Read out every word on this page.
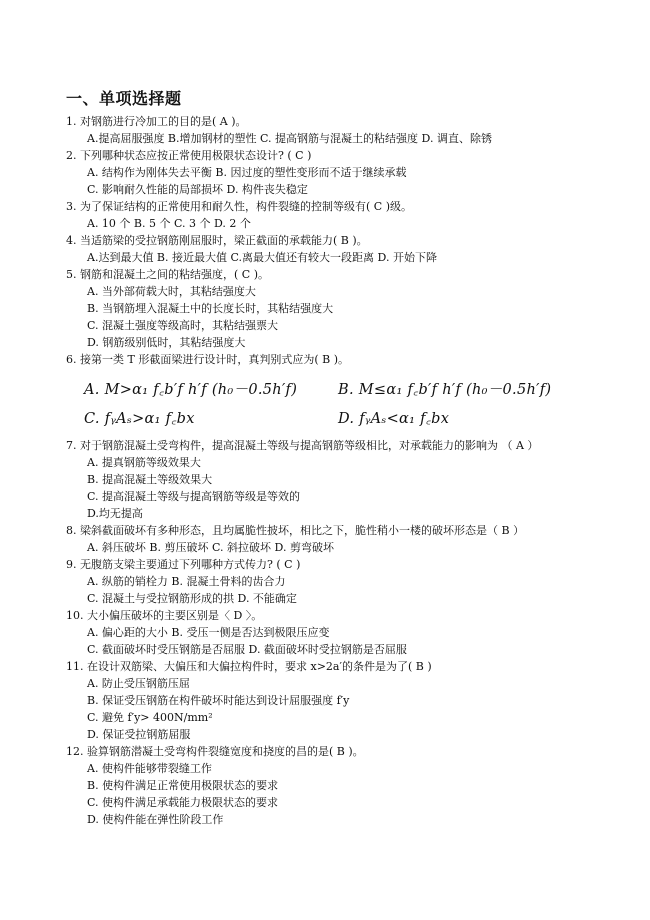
一、单项选择题
1. 对钢筋进行冷加工的目的是( A )。
A.提高屈服强度 B.增加钢材的塑性 C. 提高钢筋与混凝土的粘结强度 D. 调直、除锈
2. 下列哪种状态应按正常使用极限状态设计? ( C )
A. 结构作为刚体失去平衡 B. 因过度的塑性变形而不适于继续承载
C. 影响耐久性能的局部损坏 D. 构件丧失稳定
3. 为了保证结构的正常使用和耐久性，构件裂缝的控制等级有( C )级。
A. 10 个 B. 5 个 C. 3 个 D. 2 个
4. 当适筋梁的受拉钢筋刚屈服时，梁正截面的承载能力( B )。
A.达到最大值 B. 接近最大值 C.离最大值还有较大一段距离 D. 开始下降
5. 钢筋和混凝土之间的粘结强度，( C )。
A. 当外部荷载大时，其粘结强度大
B. 当钢筋埋入混凝土中的长度长时，其粘结强度大
C. 混凝土强度等级高时，其粘结强票大
D. 钢筋级别低时，其粘结强度大
6. 接第一类 T 形截面梁进行设计时，真判别式应为( B )。
A. M>α₁ f꜀b′f h′f (h₀－0.5h′f)	B. M≤α₁ f꜀b′f h′f (h₀－0.5h′f)
C. fᵧAₛ>α₁ f꜀bx	D. fᵧAₛ<α₁ f꜀bx
7. 对于钢筋混凝土受弯构件，提高混凝土等级与提高钢筋等级相比，对承载能力的影响为 （ A ）
A. 提真钢筋等级效果大
B. 提高混凝土等级效果大
C. 提高混凝土等级与提高钢筋等级是等效的
D.均无提高
8. 梁斜截面破坏有多种形态，且均属脆性披坏，相比之下，脆性稍小一楼的破坏形态是（ B ）
A. 斜压破坏 B. 剪压破坏 C. 斜拉破坏 D. 剪弯破坏
9. 无腹筋支梁主要通过下列哪种方式传力? ( C )
A. 纵筋的销栓力 B. 混凝土骨料的齿合力
C. 混凝土与受拉钢筋形成的拱 D. 不能确定
10. 大小偏压破坏的主要区别是〈 D 〉。
A. 偏心距的大小 B. 受压一侧是否达到极限压应变
C. 截面破坏时受压钢筋是否屈服 D. 截面破坏时受拉钢筋是否屈服
11. 在设计双筋梁、大偏压和大偏拉构件时，要求 x>2a′的条件是为了( B )
A. 防止受压钢筋压屈
B. 保证受压钢筋在构件破坏时能达到设计屈服强度 f′y
C. 避免 f′y> 400N/mm²
D. 保证受拉钢筋屈服
12. 验算钢筋潜凝土受弯构件裂缝宽度和挠度的昌的是( B )。
A. 使构件能够带裂缝工作
B. 使构件满足正常使用极限状态的要求
C. 使构件满足承载能力极限状态的要求
D. 使构件能在弹性阶段工作
